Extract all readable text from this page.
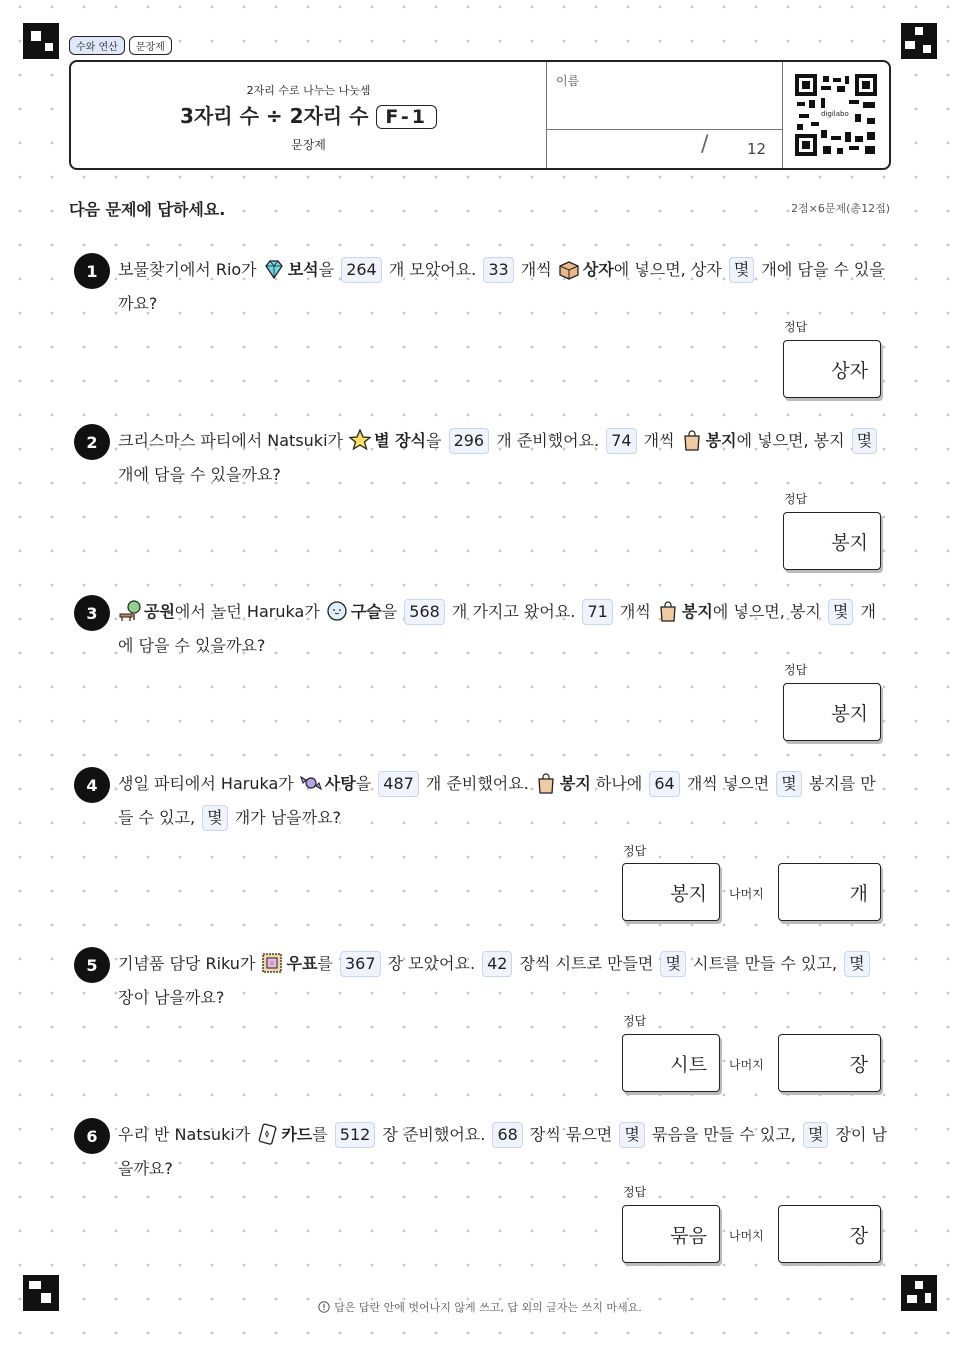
수와 연산	문장제
2자리 수로 나누는 나눗셈
3자리 수 ÷ 2자리 수 F-1
문장제
이름
/	12
digilabo
다음 문제에 답하세요.	2점×6문제(총12점)
1	보물찾기에서 Rio가 보석을 264 개 모았어요. 33 개씩 상자에 넣으면, 상자 몇 개에 담을 수 있을까요?
정답
상자
2	크리스마스 파티에서 Natsuki가 별 장식을 296 개 준비했어요. 74 개씩 봉지에 넣으면, 봉지 몇 개에 담을 수 있을까요?
정답
봉지
3	공원에서 놀던 Haruka가 구슬을 568 개 가지고 왔어요. 71 개씩 봉지에 넣으면, 봉지 몇 개에 담을 수 있을까요?
정답
봉지
4	생일 파티에서 Haruka가 사탕을 487 개 준비했어요. 봉지 하나에 64 개씩 넣으면 몇 봉지를 만들 수 있고, 몇 개가 남을까요?
정답
봉지 나머지	개
5	기념품 담당 Riku가 우표를 367 장 모았어요. 42 장씩 시트로 만들면 몇 시트를 만들 수 있고, 몇 장이 남을까요?
정답
시트 나머지	장
6	우리 반 Natsuki가 카드를 512 장 준비했어요. 68 장씩 묶으면 몇 묶음을 만들 수 있고, 몇 장이 남을까요?
정답
묶음 나머지	장
답은 답란 안에 벗어나지 않게 쓰고, 답 외의 글자는 쓰지 마세요.
